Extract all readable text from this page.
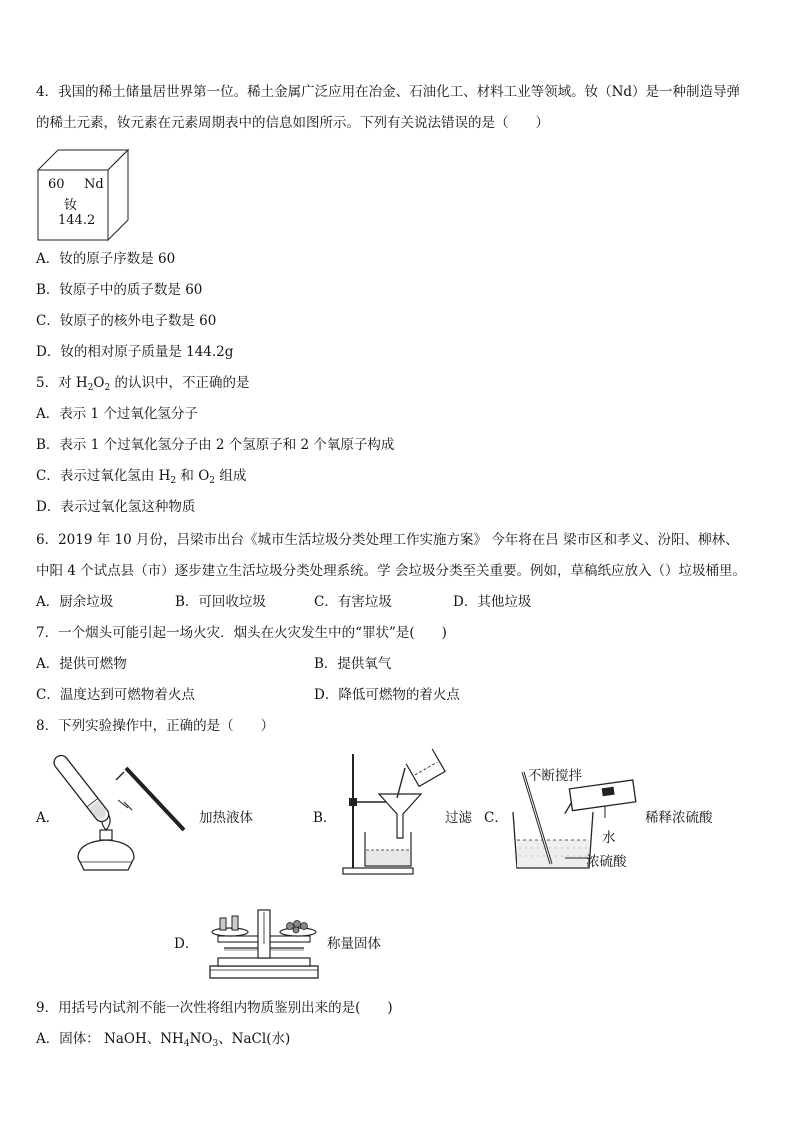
4．我国的稀土储量居世界第一位。稀土金属广泛应用在冶金、石油化工、材料工业等领域。钕（Nd）是一种制造导弹
的稀土元素，钕元素在元素周期表中的信息如图所示。下列有关说法错误的是（　　）
60 Nd
钕
144.2
A．钕的原子序数是 60
B．钕原子中的质子数是 60
C．钕原子的核外电子数是 60
D．钕的相对原子质量是 144.2g
5．对 $H_2O_2$ 的认识中，不正确的是
A．表示 1 个过氧化氢分子
B．表示 1 个过氧化氢分子由 2 个氢原子和 2 个氧原子构成
C．表示过氧化氢由 $H_2$ 和 $O_2$ 组成
D．表示过氧化氢这种物质
6．2019 年 10 月份，吕梁市出台《城市生活垃圾分类处理工作实施方案》 今年将在吕 梁市区和孝义、汾阳、柳林、
中阳 4 个试点县（市）逐步建立生活垃圾分类处理系统。学 会垃圾分类至关重要。例如，草稿纸应放入（）垃圾桶里。
A．厨余垃圾	B．可回收垃圾	C．有害垃圾	D．其他垃圾
7．一个烟头可能引起一场火灾．烟头在火灾发生中的“罪状”是(　　)
A．提供可燃物	B．提供氧气
C．温度达到可燃物着火点	D．降低可燃物的着火点
8．下列实验操作中，正确的是（　　）
A．	加热液体	B．	过滤 C．
不断搅拌
稀释浓硫酸
水
浓硫酸
D．	称量固体
9．用括号内试剂不能一次性将组内物质鉴别出来的是(　　)
A．固体： NaOH、$NH_4NO_3$、NaCl(水)
